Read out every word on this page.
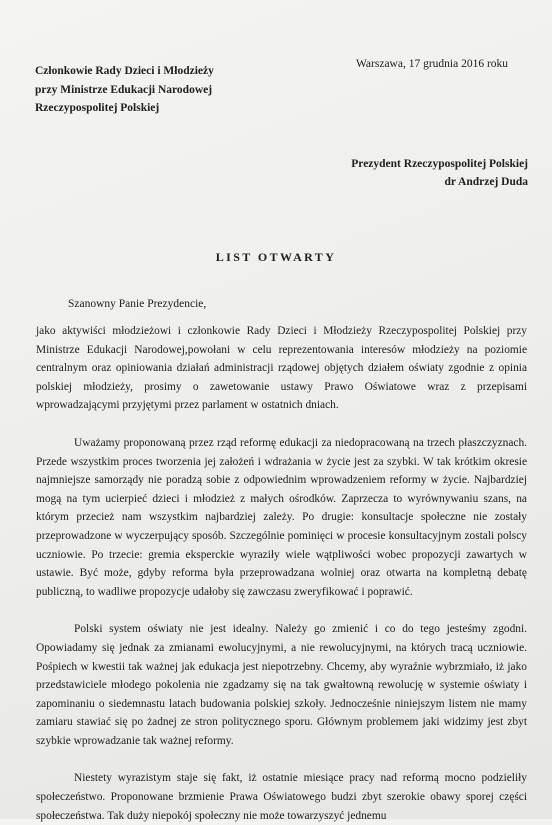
Członkowie Rady Dzieci i Młodzieży
przy Ministrze Edukacji Narodowej
Rzeczypospolitej Polskiej
Warszawa, 17 grudnia 2016 roku
Prezydent Rzeczypospolitej Polskiej
dr Andrzej Duda
LIST OTWARTY
Szanowny Panie Prezydencie,

jako aktywiści młodzieżowi i członkowie Rady Dzieci i Młodzieży Rzeczypospolitej Polskiej przy Ministrze Edukacji Narodowej,powołani w celu reprezentowania interesów młodzieży na poziomie centralnym oraz opiniowania działań administracji rządowej objętych działem oświaty zgodnie z opinia polskiej młodzieży, prosimy o zawetowanie ustawy Prawo Oświatowe wraz z przepisami wprowadzającymi przyjętymi przez parlament w ostatnich dniach.

Uważamy proponowaną przez rząd reformę edukacji za niedopracowaną na trzech płaszczyznach. Przede wszystkim proces tworzenia jej założeń i wdrażania w życie jest za szybki. W tak krótkim okresie najmniejsze samorządy nie poradzą sobie z odpowiednim wprowadzeniem reformy w życie. Najbardziej mogą na tym ucierpieć dzieci i młodzież z małych ośrodków. Zaprzecza to wyrównywaniu szans, na którym przecież nam wszystkim najbardziej zależy. Po drugie: konsultacje społeczne nie zostały przeprowadzone w wyczerpujący sposób. Szczególnie pominięci w procesie konsultacyjnym zostali polscy uczniowie. Po trzecie: gremia eksperckie wyraziły wiele wątpliwości wobec propozycji zawartych w ustawie. Być może, gdyby reforma była przeprowadzana wolniej oraz otwarta na kompletną debatę publiczną, to wadliwe propozycje udałoby się zawczasu zweryfikować i poprawić.

Polski system oświaty nie jest idealny. Należy go zmienić i co do tego jesteśmy zgodni. Opowiadamy się jednak za zmianami ewolucyjnymi, a nie rewolucyjnymi, na których tracą uczniowie. Pośpiech w kwestii tak ważnej jak edukacja jest niepotrzebny. Chcemy, aby wyraźnie wybrzmiało, iż jako przedstawiciele młodego pokolenia nie zgadzamy się na tak gwałtowną rewolucję w systemie oświaty i zapominaniu o siedemnastu latach budowania polskiej szkoły. Jednocześnie niniejszym listem nie mamy zamiaru stawiać się po żadnej ze stron politycznego sporu. Głównym problemem jaki widzimy jest zbyt szybkie wprowadzanie tak ważnej reformy.

Niestety wyrazistym staje się fakt, iż ostatnie miesiące pracy nad reformą mocno podzieliły społeczeństwo. Proponowane brzmienie Prawa Oświatowego budzi zbyt szerokie obawy sporej części społeczeństwa. Tak duży niepokój społeczny nie może towarzyszyć jednemu
